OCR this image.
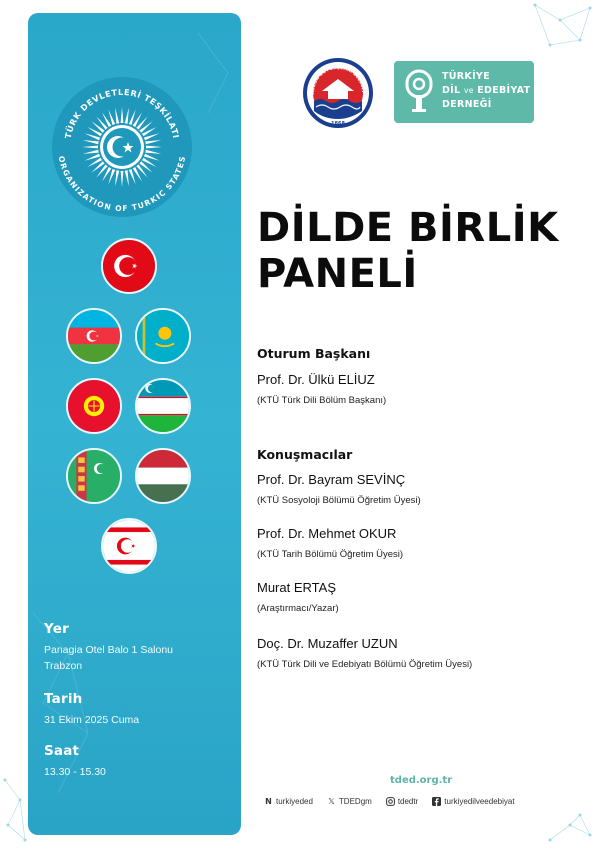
TÜRK DEVLETLERİ TEŞKİLATI
ORGANIZATION OF TURKIC STATES
Yer
Panagia Otel Balo 1 Salonu
Trabzon
Tarih
31 Ekim 2025 Cuma
Saat
13.30 - 15.30
ABZON BÜYÜKŞEHİR BELEDİY
1868
TÜRKİYE
DİL ve EDEBİYAT
DERNEĞİ
DİLDE BİRLİK
PANELİ
Oturum Başkanı
Prof. Dr. Ülkü ELİUZ
(KTÜ Türk Dili Bölüm Başkanı)
Konuşmacılar
Prof. Dr. Bayram SEVİNÇ
(KTÜ Sosyoloji Bölümü Öğretim Üyesi)
Prof. Dr. Mehmet OKUR
(KTÜ Tarih Bölümü Öğretim Üyesi)
Murat ERTAŞ
(Araştırmacı/Yazar)
Doç. Dr. Muzaffer UZUN
(KTÜ Türk Dili ve Edebiyatı Bölümü Öğretim Üyesi)
tded.org.tr
N turkiyeded 𝕏 TDEDgm	tdedtr	turkiyedilveedebiyat
